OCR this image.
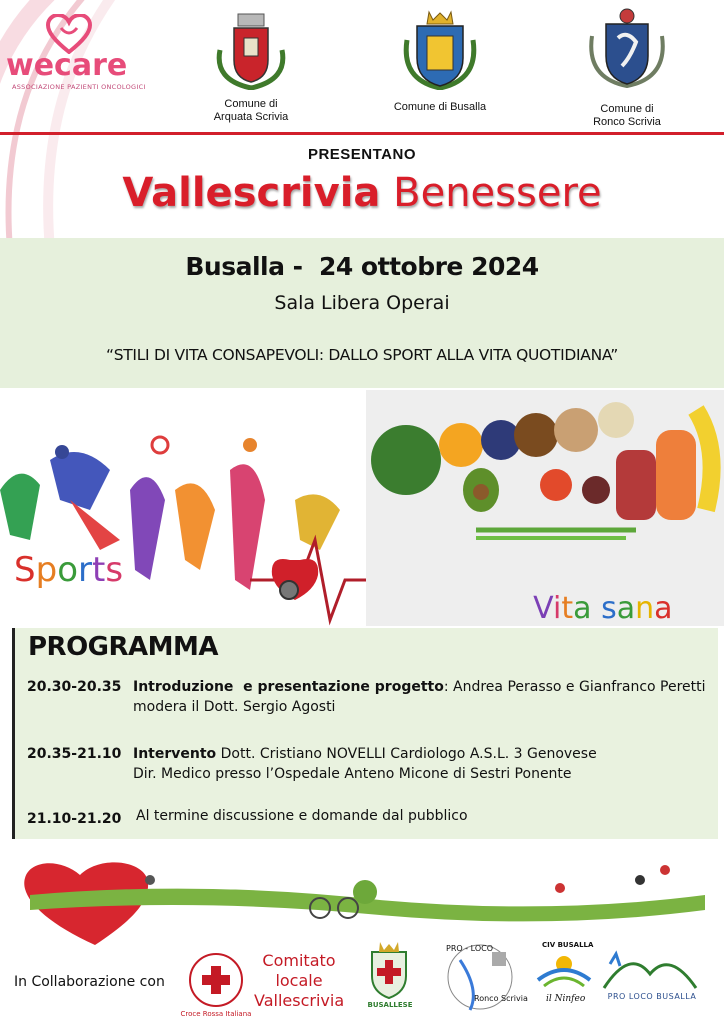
wecare
ASSOCIAZIONE PAZIENTI ONCOLOGICI
Comune di
Arquata Scrivia
Comune di Busalla	Comune di
Ronco Scrivia
PRESENTANO
Vallescrivia Benessere
Busalla -  24 ottobre 2024
Sala Libera Operai
“STILI DI VITA CONSAPEVOLI: DALLO SPORT ALLA VITA QUOTIDIANA”
Sports

Vita sana

PROGRAMMA
20.30-20.35 Introduzione  e presentazione progetto: Andrea Perasso e Gianfranco Peretti
modera il Dott. Sergio Agosti
20.35-21.10 Intervento Dott. Cristiano NOVELLI Cardiologo A.S.L. 3 Genovese
Dir. Medico presso l’Ospedale Anteno Micone di Sestri Ponente
21.10-21.20 Al termine discussione e domande dal pubblico
In Collaborazione con
Croce Rossa Italiana
Comitato
locale
Vallescrivia	BUSALLESE
PRO - LOCO
Ronco Scrivia
CIV BUSALLA
il Ninfeo	PRO LOCO BUSALLA
